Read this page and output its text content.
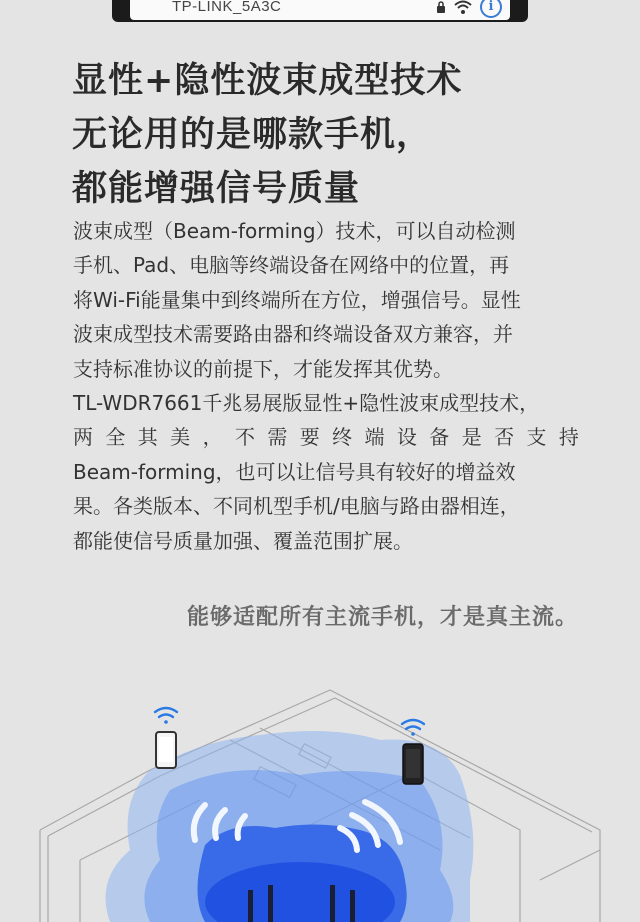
TP-LINK_5A3C	i
显性+隐性波束成型技术
无论用的是哪款手机，
都能增强信号质量

波束成型（Beam-forming）技术，可以自动检测

手机、Pad、电脑等终端设备在网络中的位置，再

将Wi-Fi能量集中到终端所在方位，增强信号。显性

波束成型技术需要路由器和终端设备双方兼容，并

支持标准协议的前提下，才能发挥其优势。

TL-WDR7661千兆易展版显性+隐性波束成型技术，

两 全 其 美 ， 不 需 要 终 端 设 备 是 否 支 持

Beam-forming，也可以让信号具有较好的增益效

果。各类版本、不同机型手机/电脑与路由器相连，

都能使信号质量加强、覆盖范围扩展。

能够适配所有主流手机，才是真主流。
